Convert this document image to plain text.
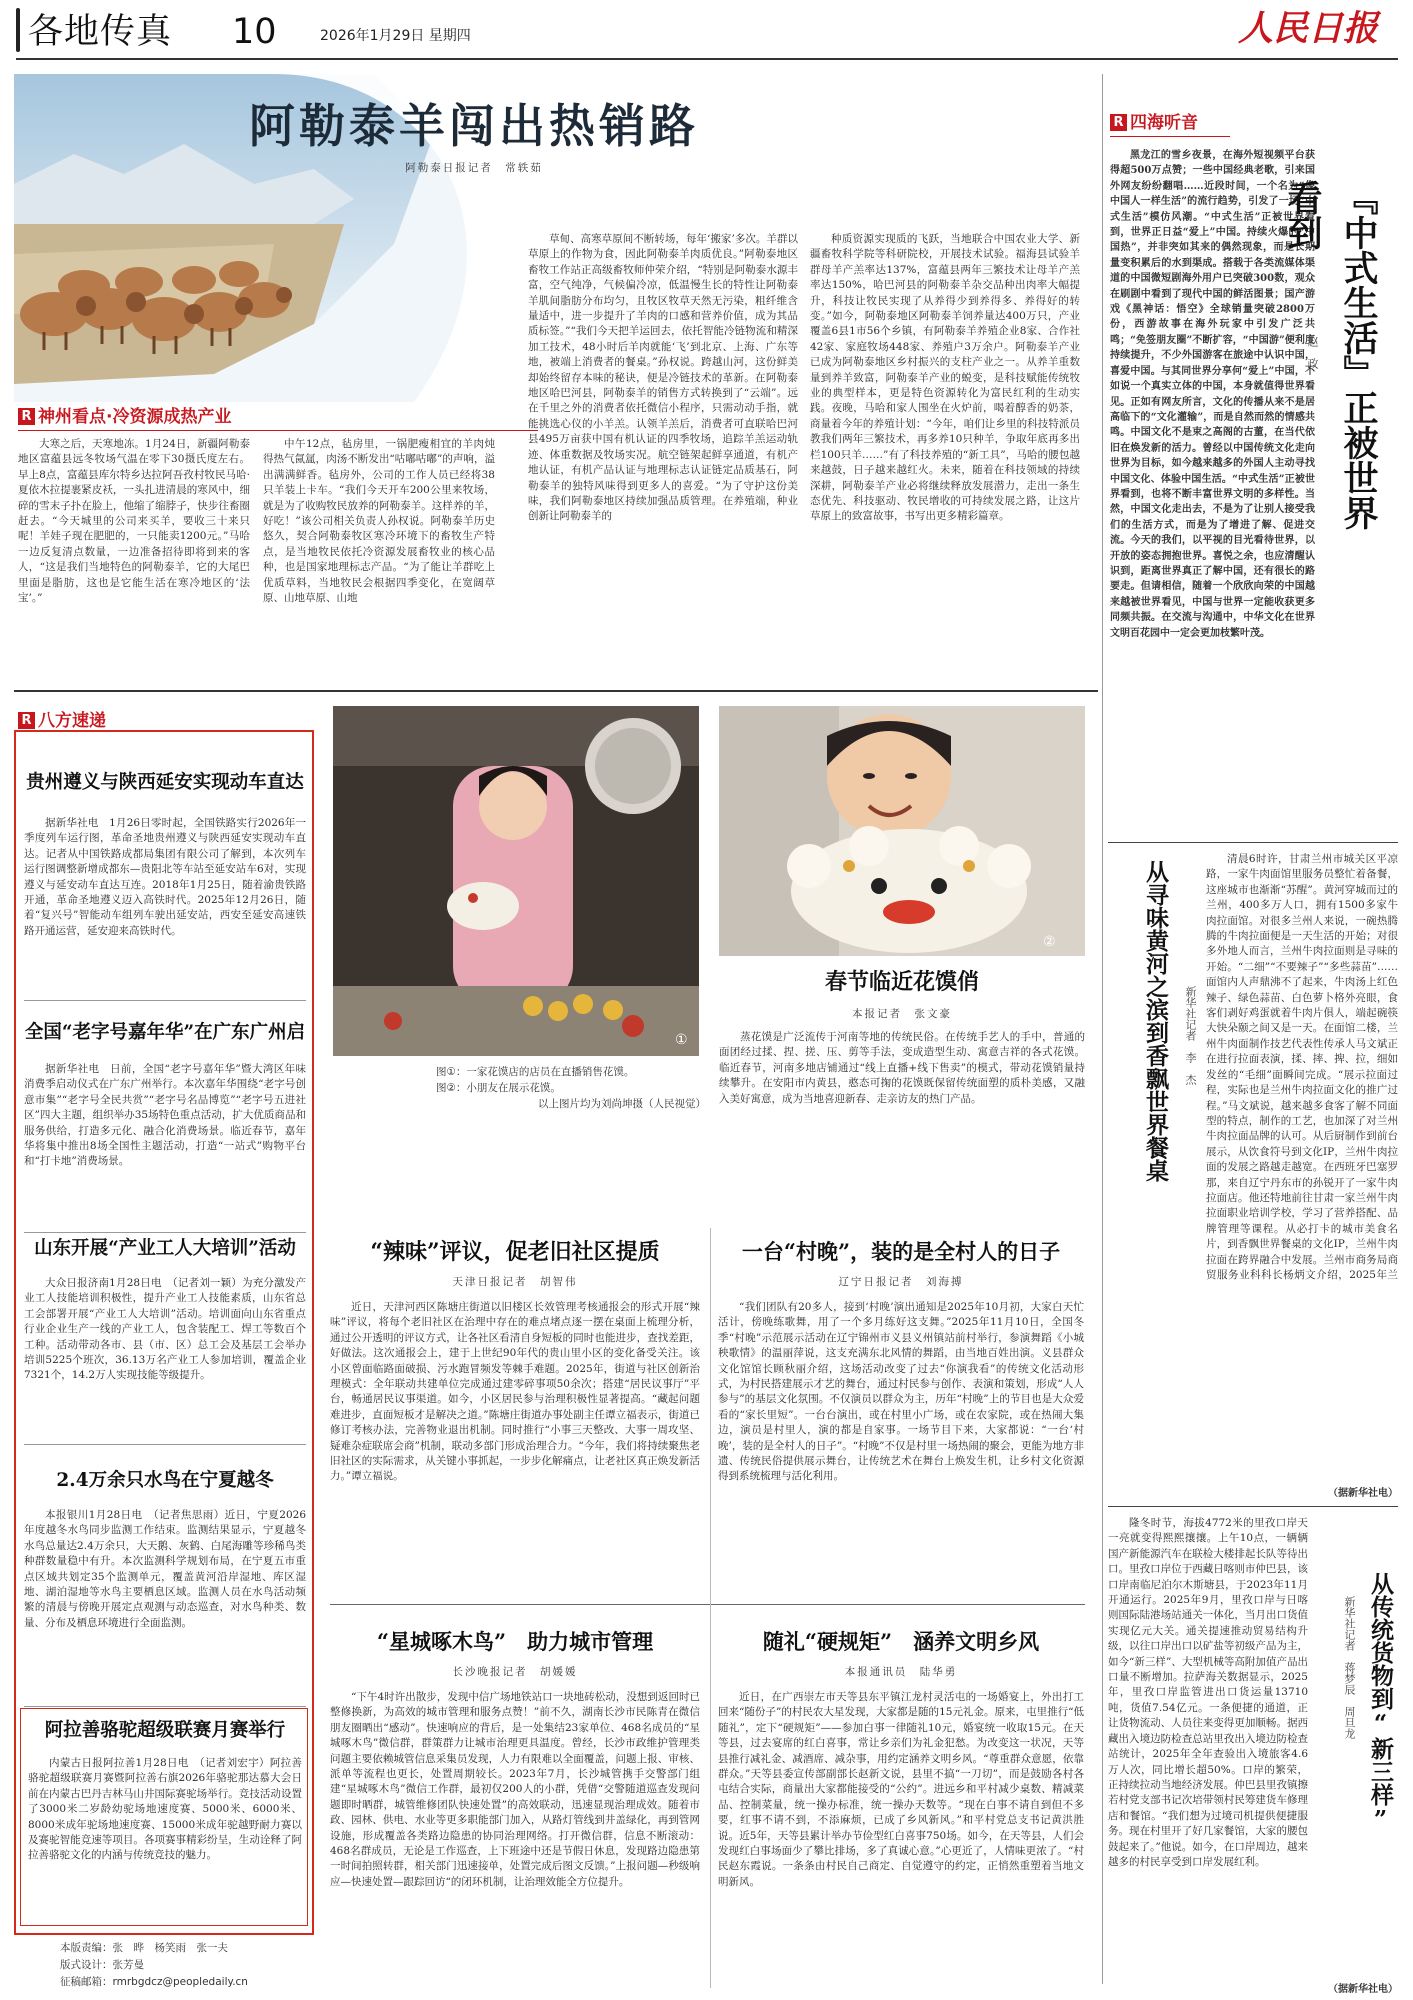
各地传真	10	2026年1月29日 星期四	人民日报
阿勒泰羊闯出热销路
阿勒泰日报记者　常轶茹
R 神州看点·冷资源成热产业

大寒之后，天寒地冻。1月24日，新疆阿勒泰地区富蕴县远冬牧场气温在零下30摄氏度左右。早上8点，富蕴县库尔特乡达拉阿吾孜村牧民马哈·夏依木拉提裹紧皮袄，一头扎进清晨的寒风中，细碎的雪末子扑在脸上，他缩了缩脖子，快步往畜圈赶去。“今天城里的公司来买羊，要收三十来只呢！羊娃子现在肥肥的，一只能卖1200元。”马哈一边反复清点数量，一边准备招待即将到来的客人，“这是我们当地特色的阿勒泰羊，它的大尾巴里面是脂肪，这也是它能生活在寒冷地区的‘法宝’。”

中午12点，毡房里，一锅肥瘦相宜的羊肉炖得热气氤氲，肉汤不断发出“咕嘟咕嘟”的声响，溢出满满鲜香。毡房外，公司的工作人员已经将38只羊装上卡车。“我们今天开车200公里来牧场，就是为了收购牧民放养的阿勒泰羊。这样养的羊，好吃！”该公司相关负责人孙权说。阿勒泰羊历史悠久，契合阿勒泰牧区寒冷环境下的畜牧生产特点，是当地牧民依托冷资源发展畜牧业的核心品种，也是国家地理标志产品。“为了能让羊群吃上优质草料，当地牧民会根据四季变化，在宽阔草原、山地草原、山地

草甸、高寒草原间不断转场，每年‘搬家’多次。羊群以草原上的作物为食，因此阿勒泰羊肉质优良。”阿勒泰地区畜牧工作站正高级畜牧师仲荣介绍，“特别是阿勒泰水源丰富，空气纯净，气候偏冷凉，低温慢生长的特性让阿勒泰羊肌间脂肪分布均匀，且牧区牧草天然无污染，粗纤维含量适中，进一步提升了羊肉的口感和营养价值，成为其品质标签。”“我们今天把羊运回去，依托智能冷链物流和精深加工技术，48小时后羊肉就能‘飞’到北京、上海、广东等地，被端上消费者的餐桌。”孙权说。跨越山河，这份鲜美却始终留存本味的秘诀，便是冷链技术的革新。在阿勒泰地区哈巴河县，阿勒泰羊的销售方式转换到了“云端”。远在千里之外的消费者依托微信小程序，只需动动手指，就能挑选心仪的小羊羔。认领羊羔后，消费者可直联哈巴河县495万亩获中国有机认证的四季牧场，追踪羊羔运动轨迹、体重数据及牧场实况。航空链架起鲜享通道，有机产地认证，有机产品认证与地理标志认证链定品质基石，阿勒泰羊的独特风味得到更多人的喜爱。“为了守护这份美味，我们阿勒泰地区持续加强品质管理。在养殖端，种业创新让阿勒泰羊的

种质资源实现质的飞跃，当地联合中国农业大学、新疆畜牧科学院等科研院校，开展技术试验。福海县试验羊群母羊产羔率达137%，富蕴县两年三繁技术让母羊产羔率达150%，哈巴河县的阿勒泰羊杂交品种出肉率大幅提升，科技让牧民实现了从养得少到养得多、养得好的转变。”如今，阿勒泰地区阿勒泰羊饲养量达400万只，产业覆盖6县1市56个乡镇，有阿勒泰羊养殖企业8家、合作社42家、家庭牧场448家、养殖户3万余户。阿勒泰羊产业已成为阿勒泰地区乡村振兴的支柱产业之一。从养羊重数量到养羊致富，阿勒泰羊产业的蜕变，是科技赋能传统牧业的典型样本，更是特色资源转化为富民红利的生动实践。夜晚，马哈和家人围坐在火炉前，喝着醇香的奶茶，商量着今年的养殖计划：“今年，咱们让乡里的科技特派员教我们两年三繁技术，再多养10只种羊，争取年底再多出栏100只羊……”有了科技养殖的“新工具”，马哈的腰包越来越鼓，日子越来越红火。未来，随着在科技领域的持续深耕，阿勒泰羊产业必将继续释放发展潜力，走出一条生态优先、科技驱动、牧民增收的可持续发展之路，让这片草原上的致富故事，书写出更多精彩篇章。

R 四海听音

黑龙江的雪乡夜景，在海外短视频平台获得超500万点赞；一些中国经典老歌，引来国外网友纷纷翻唱……近段时间，一个名为“像中国人一样生活”的流行趋势，引发了一场“中式生活”模仿风潮。“中式生活”正被世界看到，世界正日益“爱上”中国。持续火爆的“中国热”，并非突如其来的偶然现象，而是长期量变积累后的水到渠成。搭载于各类流媒体渠道的中国微短剧海外用户已突破300数，观众在刷剧中看到了现代中国的鲜活图景；国产游戏《黑神话：悟空》全球销量突破2800万份，西游故事在海外玩家中引发广泛共鸣；“免签朋友圈”不断扩容，“中国游”便利度持续提升，不少外国游客在旅途中认识中国，喜爱中国。与其同世界分享何“爱上”中国，不如说一个真实立体的中国，本身就值得世界看见。正如有网友所言，文化的传播从来不是居高临下的“文化灌输”，而是自然而然的情感共鸣。中国文化不是束之高阁的古董，在当代依旧在焕发新的活力。曾经以中国传统文化走向世界为目标，如今越来越多的外国人主动寻找中国文化、体验中国生活。“中式生活”正被世界看到，也将不断丰富世界文明的多样性。当然，中国文化走出去，不是为了让别人接受我们的生活方式，而是为了增进了解、促进交流。今天的我们，以平视的目光看待世界，以开放的姿态拥抱世界。喜悦之余，也应清醒认识到，距离世界真正了解中国，还有很长的路要走。但请相信，随着一个欣欣向荣的中国越来越被世界看见，中国与世界一定能收获更多同频共振。在交流与沟通中，中华文化在世界文明百花园中一定会更加枝繁叶茂。

『中式生活』正被世界看到
赵　政
R 八方速递
贵州遵义与陕西延安实现动车直达

据新华社电　1月26日零时起，全国铁路实行2026年一季度列车运行图，革命圣地贵州遵义与陕西延安实现动车直达。记者从中国铁路成都局集团有限公司了解到，本次列车运行图调整新增成都东—贵阳北等车站至延安站车6对，实现遵义与延安动车直达互连。2018年1月25日，随着渝贵铁路开通，革命圣地遵义迈入高铁时代。2025年12月26日，随着“复兴号”智能动车组列车驶出延安站，西安至延安高速铁路开通运营，延安迎来高铁时代。

全国“老字号嘉年华”在广东广州启

据新华社电　日前，全国“老字号嘉年华”暨大湾区年味消费季启动仪式在广东广州举行。本次嘉年华围绕“老字号创意市集”“老字号全民共赏”“老字号名品博览”“老字号五进社区”四大主题，组织举办35场特色重点活动，扩大优质商品和服务供给，打造多元化、融合化消费场景。临近春节，嘉年华将集中推出8场全国性主题活动，打造“一站式”购物平台和“打卡地”消费场景。

山东开展“产业工人大培训”活动

大众日报济南1月28日电　（记者刘一颖）为充分激发产业工人技能培训积极性，提升产业工人技能素质，山东省总工会部署开展“产业工人大培训”活动。培训面向山东省重点行业企业生产一线的产业工人，包含装配工、焊工等数百个工种。活动带动各市、县（市、区）总工会及基层工会举办培训5225个班次，36.13万名产业工人参加培训，覆盖企业7321个，14.2万人实现技能等级提升。

2.4万余只水鸟在宁夏越冬

本报银川1月28日电　（记者焦思雨）近日，宁夏2026年度越冬水鸟同步监测工作结束。监测结果显示，宁夏越冬水鸟总量达2.4万余只，大天鹅、灰鹤、白尾海雕等珍稀鸟类种群数量稳中有升。本次监测科学规划布局，在宁夏五市重点区域共划定35个监测单元，覆盖黄河沿岸湿地、库区湿地、湖泊湿地等水鸟主要栖息区域。监测人员在水鸟活动频繁的清晨与傍晚开展定点观测与动态巡查，对水鸟种类、数量、分布及栖息环境进行全面监测。

阿拉善骆驼超级联赛月赛举行

内蒙古日报阿拉善1月28日电　（记者刘宏宇）阿拉善骆驼超级联赛月赛暨阿拉善右旗2026年骆驼那达慕大会日前在内蒙古巴丹吉林马山井国际赛驼场举行。竞技活动设置了3000米二岁龄幼驼场地速度赛、5000米、6000米、8000米成年驼场地速度赛、15000米成年驼越野耐力赛以及赛驼智能竞速等项目。各项赛事精彩纷呈，生动诠释了阿拉善骆驼文化的内涵与传统竞技的魅力。

本版责编：张　晔　杨笑雨　张一夫
版式设计：张芳曼
征稿邮箱：rmrbgdcz@peopledaily.cn
①
②
春节临近花馍俏
本报记者　张文豪

蒸花馍是广泛流传于河南等地的传统民俗。在传统手艺人的手中，普通的面团经过揉、捏、搓、压、剪等手法，变成造型生动、寓意吉祥的各式花馍。临近春节，河南多地店铺通过“线上直播+线下售卖”的模式，带动花馍销量持续攀升。在安阳市内黄县，憨态可掬的花馍既保留传统面塑的质朴美感，又融入美好寓意，成为当地喜迎新春、走亲访友的热门产品。

图①：一家花馍店的店员在直播销售花馍。
图②：小朋友在展示花馍。
以上图片均为刘尚坤摄（人民视觉）
“辣味”评议，促老旧社区提质
天津日报记者　胡智伟

近日，天津河西区陈塘庄街道以旧楼区长效管理考核通报会的形式开展“辣味”评议，将每个老旧社区在治理中存在的难点堵点逐一摆在桌面上梳理分析，通过公开透明的评议方式，让各社区看清自身短板的同时也能进步，查找差距，好做法。这次通报会上，建于上世纪90年代的贵山里小区的变化备受关注。该小区曾面临路面破损、污水跑冒频发等棘手难题。2025年，街道与社区创新治理模式：全年联动共建单位完成通过建零碎事项50余次；搭建“居民议事厅”平台，畅通居民议事渠道。如今，小区居民参与治理积极性显著提高。“藏起问题难进步，直面短板才是解决之道。”陈塘庄街道办事处副主任谭立福表示，街道已修订考核办法，完善物业退出机制。同时推行“小事三天整改、大事一周攻坚、疑难杂症联席会商”机制，联动多部门形成治理合力。“今年，我们将持续聚焦老旧社区的实际需求，从关键小事抓起，一步步化解痛点，让老社区真正焕发新活力。”谭立福说。

一台“村晚”，装的是全村人的日子
辽宁日报记者　刘海搏

“我们团队有20多人，接到‘村晚’演出通知是2025年10月初，大家白天忙活计，傍晚练歌舞，用了一个多月练好这支舞。”2025年11月10日，全国冬季“村晚”示范展示活动在辽宁锦州市义县义州镇站前村举行，参演舞蹈《小城秧歌情》的温丽萍说，这支充满东北风情的舞蹈，由当地百姓出演。义县群众文化馆馆长顾秋丽介绍，这场活动改变了过去“你演我看”的传统文化活动形式，为村民搭建展示才艺的舞台，通过村民参与创作、表演和策划，形成“人人参与”的基层文化氛围。不仅演员以群众为主，历年“村晚”上的节目也是大众爱看的“家长里短”。一台台演出，或在村里小广场，或在农家院，或在热闹大集边，演员是村里人，演的都是自家事。一场节目下来，大家都说：“一台‘村晚’，装的是全村人的日子”。“村晚”不仅是村里一场热闹的聚会，更能为地方非遗、传统民俗提供展示舞台，让传统艺术在舞台上焕发生机，让乡村文化资源得到系统梳理与活化利用。

“星城啄木鸟”　助力城市管理
长沙晚报记者　胡媛媛

“下午4时许出散步，发现中信广场地铁站口一块地砖松动，没想到返回时已整修换新，为高效的城市管理和服务点赞！”前不久，湖南长沙市民陈青在微信朋友圈晒出“感动”。快速响应的背后，是一处集结23家单位、468名成员的“星城啄木鸟”微信群，群策群力让城市治理更具温度。曾经，长沙市政维护管理类问题主要依赖城管信息采集员发现，人力有限难以全面覆盖，问题上报、审核、派单等流程也更长，处置周期较长。2023年7月，长沙城管携手交警部门组建“星城啄木鸟”微信工作群，最初仅200人的小群，凭借“交警随道巡查发现问题即时晒群，城管维修团队快速处置”的高效联动，迅速显现治理成效。随着市政、园林、供电、水业等更多职能部门加入，从路灯管线到井盖绿化，再到管网设施，形成覆盖各类路边隐患的协同治理网络。打开微信群，信息不断滚动：468名群成员，无论是工作巡查，上下班途中还是节假日休息，发现路边隐患第一时间拍照转群，相关部门迅速接单，处置完成后图文反馈。”上报问题—秒级响应—快速处置—跟踪回访“的闭环机制，让治理效能全方位提升。

随礼“硬规矩”　涵养文明乡风
本报通讯员　陆华勇

近日，在广西崇左市天等县东平镇江龙村灵活屯的一场婚宴上，外出打工回来“随份子”的村民农大星发现，大家都是随的15元礼金。原来，屯里推行“低随礼”，定下“硬规矩”——参加白事一律随礼10元，婚宴统一收取15元。在天等县，过去宴席的红白喜事，常让乡亲们为礼金犯愁。为改变这一状况，天等县推行减礼金、减酒席、减杂事，用约定涵养文明乡风。“尊重群众意愿，依靠群众。”天等县委宣传部副部长赵新文说，县里不搞“一刀切”，而是鼓励各村各屯结合实际，商量出大家都能接受的“公约”。进远乡和平村减少桌数、精减菜品、控制菜量，统一操办标准，统一操办天数等。“现在白事不请自到但不多要，红事不请不到，不添麻烦，已成了乡风新风。”和平村党总支书记黄洪胜说。近5年，天等县累计举办节俭型红白喜事750场。如今，在天等县，人们会发现红白事场面少了攀比排场，多了真诚心意。”心更近了，人情味更浓了。“村民赵东霞说。一条条由村民自己商定、自觉遵守的约定，正悄然重塑着当地文明新风。

从寻味黄河之滨到香飘世界餐桌	新华社记者　李　杰

清晨6时许，甘肃兰州市城关区平凉路，一家牛肉面馆里服务员整忙着备餐，这座城市也渐渐“苏醒”。黄河穿城而过的兰州，400多万人口，拥有1500多家牛肉拉面馆。对很多兰州人来说，一碗热腾腾的牛肉拉面便是一天生活的开始；对很多外地人而言，兰州牛肉拉面则是寻味的开始。“二细”“不要辣子”“多些蒜苗”……面馆内人声鼎沸不了起来，牛肉汤上红色辣子、绿色蒜苗、白色萝卜格外亮眼，食客们剥好鸡蛋就着牛肉片俱人，端起碗筷大快朵颐之间又是一天。在面馆二楼，兰州牛肉面制作技艺代表性传承人马文斌正在进行拉面表演，揉、摔、捭、拉，细如发丝的“毛细”面瞬间完成。“展示拉面过程，实际也是兰州牛肉拉面文化的推广过程。”马文斌说，越来越多食客了解不同面型的特点，制作的工艺，也加深了对兰州牛肉拉面品牌的认可。从后厨制作到前台展示，从饮食符号到文化IP，兰州牛肉拉面的发展之路越走越宽。在西班牙巴塞罗那，来自辽宁丹东市的孙锐开了一家牛肉拉面店。他还特地前往甘肃一家兰州牛肉拉面职业培训学校，学习了营养搭配、品牌管理等课程。从必打卡的城市美食名片，到香飘世界餐桌的文化IP，兰州牛肉拉面在跨界融合中发展。兰州市商务局商贸服务业科科长杨炳文介绍，2025年兰

（据新华社电）

隆冬时节，海拔4772米的里孜口岸天一亮就变得熙熙攘攘。上午10点，一辆辆国产新能源汽车在联检大楼排起长队等待出口。里孜口岸位于西藏日喀则市仲巴县，该口岸南临尼泊尔木斯塘县，于2023年11月开通运行。2025年9月，里孜口岸与日喀则国际陆港场站通关一体化，当月出口货值实现亿元大关。通关提速推动贸易结构升级，以往口岸出口以矿盐等初级产品为主，如今“新三样”、大型机械等高附加值产品出口量不断增加。拉萨海关数据显示，2025年，里孜口岸监管进出口货运量13710吨，货值7.54亿元。一条便捷的通道，正让货物流动、人员往来变得更加顺畅。据西藏出入境边防检查总站里孜出入境边防检查站统计，2025年全年查验出入境旅客4.6万人次，同比增长超50%。口岸的繁荣，正持续拉动当地经济发展。仲巴县里孜镇擦若村党支部书记次培带领村民筹建货车修理店和餐馆。“我们想为过境司机提供便捷服务。现在村里开了好几家餐馆，大家的腰包鼓起来了。”他说。如今，在口岸周边，越来越多的村民享受到口岸发展红利。

新华社记者　蒋梦辰　周旦龙 从传统货物到“新三样”
（据新华社电）
